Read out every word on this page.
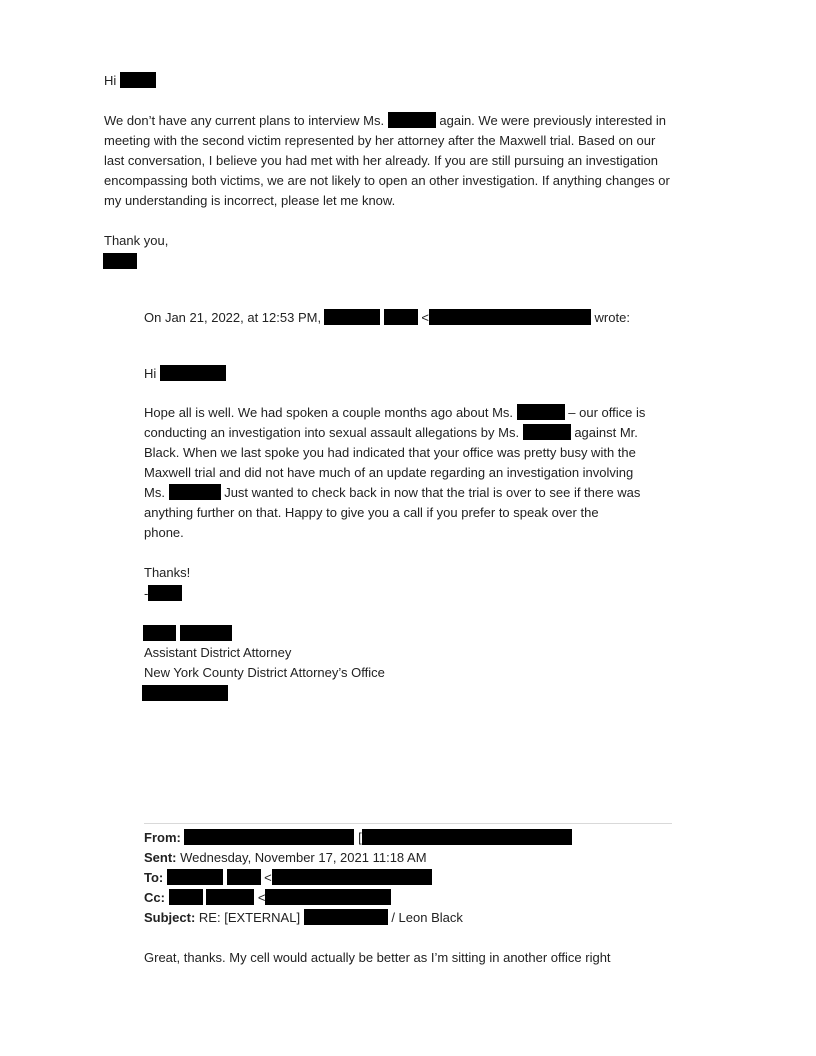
Hi
We don’t have any current plans to interview Ms.	again. We were previously interested in
meeting with the second victim represented by her attorney after the Maxwell trial. Based on our
last conversation, I believe you had met with her already. If you are still pursuing an investigation
encompassing both victims, we are not likely to open an other investigation. If anything changes or
my understanding is incorrect, please let me know.
Thank you,
On Jan 21, 2022, at 12:53 PM,	<	wrote:
Hi
Hope all is well. We had spoken a couple months ago about Ms.	– our office is
conducting an investigation into sexual assault allegations by Ms.	against Mr.
Black. When we last spoke you had indicated that your office was pretty busy with the
Maxwell trial and did not have much of an update regarding an investigation involving
Ms.	Just wanted to check back in now that the trial is over to see if there was
anything further on that. Happy to give you a call if you prefer to speak over the
phone.
Thanks!
-

Assistant District Attorney
New York County District Attorney’s Office
From:	[
Sent: Wednesday, November 17, 2021 11:18 AM
To:	<
Cc:	<
Subject: RE: [EXTERNAL]	/ Leon Black
Great, thanks. My cell would actually be better as I’m sitting in another office right
